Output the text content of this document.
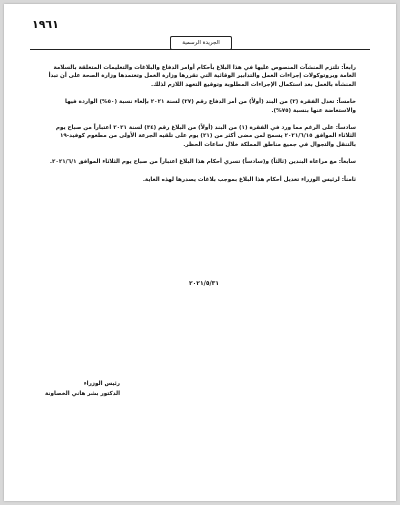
١٩٦١
الجريدة الرسمية
رابعاً: تلتزم المنشآت المنصوص عليها في هذا البلاغ بأحكام أوامر الدفاع والبلاغات والتعليمات المتعلقة بالسلامة العامة وبروتوكولات إجراءات العمل والتدابير الوقائية التي تقررها وزارة العمل وتعتمدها وزارة الصحة على أن تبدأ المنشأة بالعمل بعد استكمال الإجراءات المطلوبة وتوقيع التعهد اللازم لذلك.
خامساً: تعدل الفقرة (٢) من البند (أولاً) من أمر الدفاع رقم (٢٧) لسنة ٢٠٢١ بإلغاء نسبة (٥٠%) الواردة فيها والاستعاضة عنها بنسبة (٧٥%).
سادساً: على الرغم مما ورد في الفقرة (١) من البند (أولاً) من البلاغ رقم (٣٤) لسنة ٢٠٢١ اعتباراً من صباح يوم الثلاثاء الموافق ٢٠٢١/٦/١٥ يسمح لمن مضى أكثر من (٢١) يوم على تلقيه الجرعة الأولى من مطعوم كوفيد-١٩ بالتنقل والتجوال في جميع مناطق المملكة خلال ساعات الحظر.
سابعاً: مع مراعاة البندين (ثالثاً) و(سادساً) تسري أحكام هذا البلاغ اعتباراً من صباح يوم الثلاثاء الموافق ٢٠٢١/٦/١.
ثامناً: لرئيس الوزراء تعديل أحكام هذا البلاغ بموجب بلاغات يصدرها لهذه الغاية.
٢٠٢١/٥/٣١
رئيس الوزراء
الدكتور بشر هاني الخصاونة
